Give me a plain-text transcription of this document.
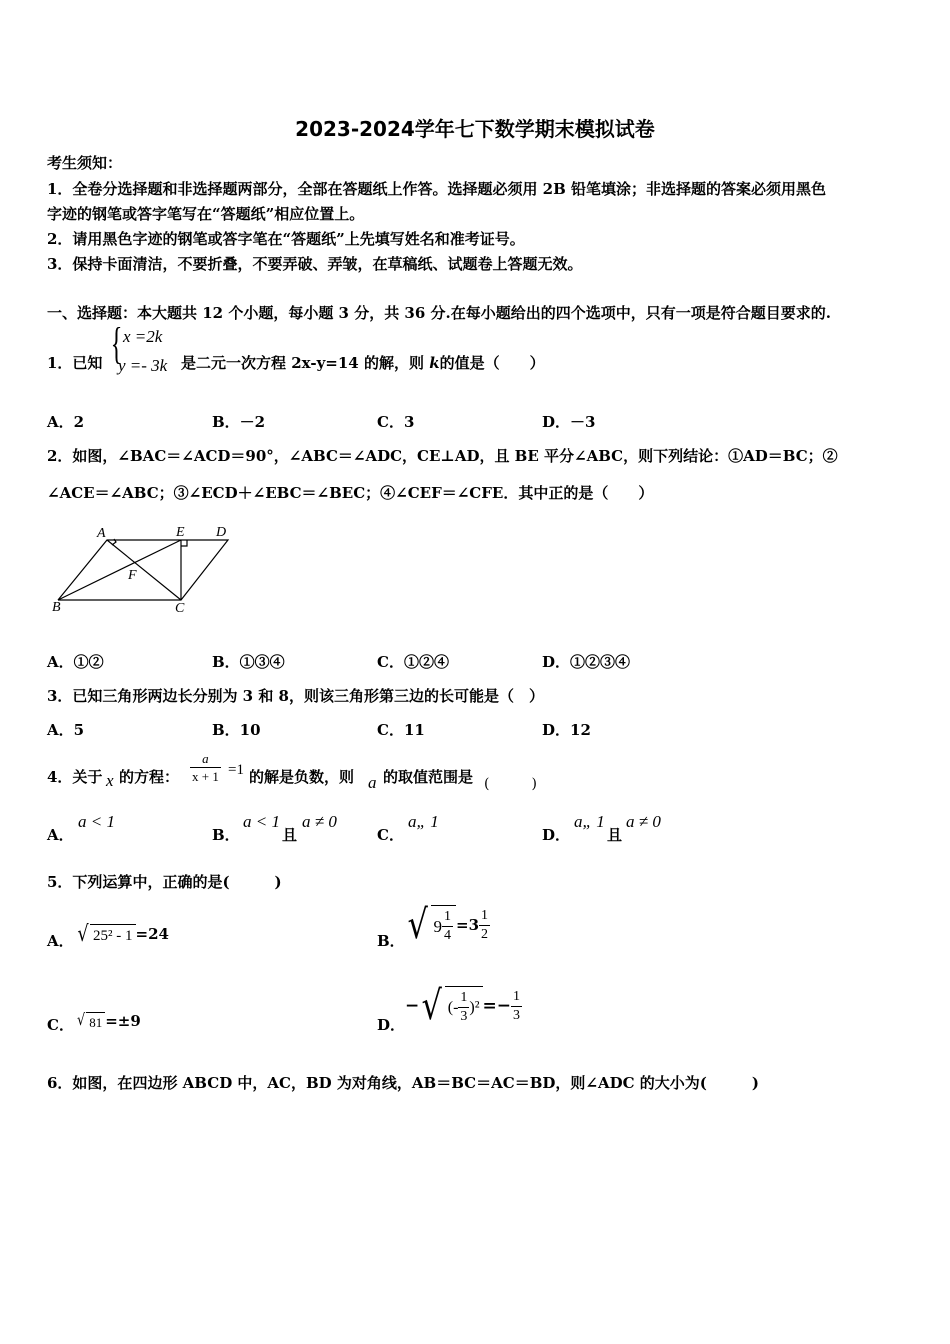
2023-2024学年七下数学期末模拟试卷
考生须知：
1．全卷分选择题和非选择题两部分，全部在答题纸上作答。选择题必须用 2B 铅笔填涂；非选择题的答案必须用黑色
字迹的钢笔或答字笔写在“答题纸”相应位置上。
2．请用黑色字迹的钢笔或答字笔在“答题纸”上先填写姓名和准考证号。
3．保持卡面清洁，不要折叠，不要弄破、弄皱，在草稿纸、试题卷上答题无效。
一、选择题：本大题共 12 个小题，每小题 3 分，共 36 分.在每小题给出的四个选项中，只有一项是符合题目要求的.
1．已知 { x =2k
y =- 3k 是二元一次方程 2x-y=14 的解，则 k的值是（　　）
A．2	B．－2	C．3	D．－3
2．如图，∠BAC＝∠ACD＝90°，∠ABC＝∠ADC，CE⊥AD，且 BE 平分∠ABC，则下列结论：①AD＝BC；②
∠ACE＝∠ABC；③∠ECD＋∠EBC＝∠BEC；④∠CEF＝∠CFE．其中正的是（　　）
A	E D
F
B	C
A．①②	B．①③④	C．①②④	D．①②③④
3．已知三角形两边长分别为 3 和 8，则该三角形第三边的长可能是（　）
A．5	B．10	C．11	D．12
4．关于 x 的方程： $\frac{a}{x + 1} =1$ 的解是负数，则 a 的取值范围是 (　　　)
A．
a < 1
B．
a < 1
且
a ≠ 0
C．
a„ 1
D．
a„ 1
且
a ≠ 0
5．下列运算中，正确的是(　　　)
A． √ 25² - 1 =24	B． √ $9 \frac{1}{4} =3 \frac{1}{2}$
C． √ 81 =±9	D．
− √ (- $\frac{1}{3} )^2 =- \frac{1}{3}$
6．如图，在四边形 ABCD 中，AC，BD 为对角线，AB＝BC＝AC＝BD，则∠ADC 的大小为(　　　)
